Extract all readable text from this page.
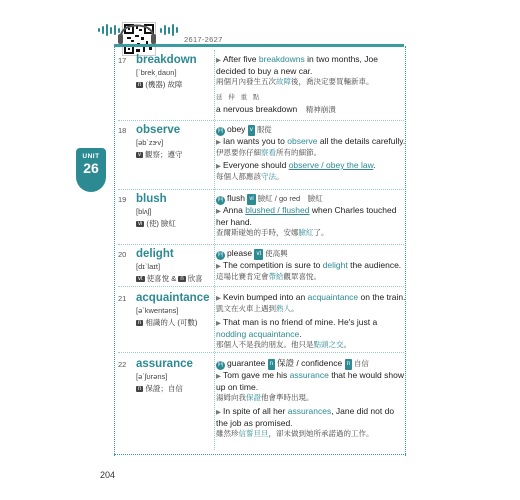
2617-2627
UNIT
26
17 breakdown
[ˋbrek͵daʊn]
n (機器) 故障
▶ After five breakdowns in two months, Joe decided to buy a new car.
兩個月內發生五次故障後，喬決定要買輛新車。
延 伸 重 點
a nervous breakdown　 精神崩潰
18 observe
[əbˋzɝv]
v 觀察；遵守
同 obey v 服從
▶ Ian wants you to observe all the details carefully.
伊恩要你仔細察看所有的細節。
▶ Everyone should observe / obey the law.
每個人都應該守法。
19 blush
[blʌʃ]
vi (使) 臉紅
同 flush vi 臉紅 / go red　臉紅
▶ Anna blushed / flushed when Charles touched her hand.
查爾斯碰她的手時，安娜臉紅了。
20 delight
[dɪˋlaɪt]
vt 使喜悅 & n 欣喜
同 please vt 使高興
▶ The competition is sure to delight the audience.
這場比賽肯定會帶給觀眾喜悅。
21 acquaintance
[əˋkwentəns]
n 相識的人 (可數)
▶ Kevin bumped into an acquaintance on the train.
凱文在火車上遇到熟人。
▶ That man is no friend of mine. He's just a nodding acquaintance.
那個人不是我的朋友。他只是點頭之交。
22 assurance
[əˋʃʊrəns]
n 保證；自信
同 guarantee n 保證 / confidence n 自信
▶ Tom gave me his assurance that he would show up on time.
湯姆向我保證他會準時出現。
▶ In spite of all her assurances, Jane did not do the job as promised.
雖然珍信誓旦旦，卻未做到她所承諾過的工作。
204
